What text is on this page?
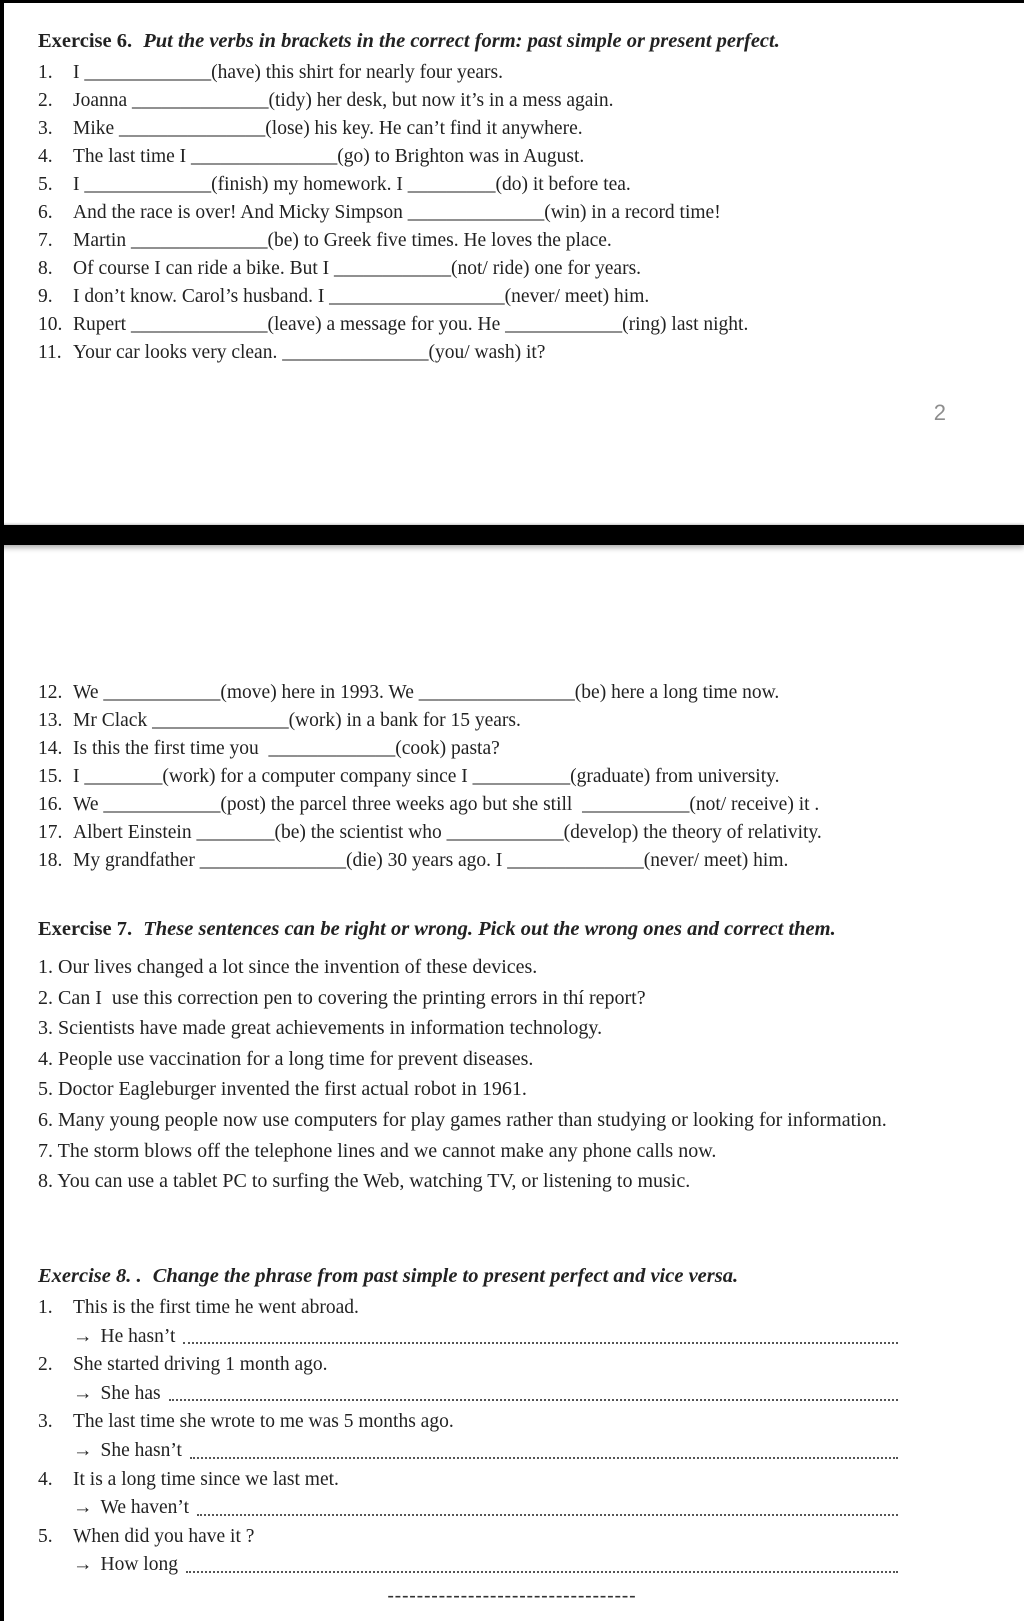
Exercise 6. Put the verbs in brackets in the correct form: past simple or present perfect.
1.	I _____________(have) this shirt for nearly four years.
2.	Joanna ______________(tidy) her desk, but now it’s in a mess again.
3.	Mike _______________(lose) his key. He can’t find it anywhere.
4.	The last time I _______________(go) to Brighton was in August.
5.	I _____________(finish) my homework. I _________(do) it before tea.
6.	And the race is over! And Micky Simpson ______________(win) in a record time!
7.	Martin ______________(be) to Greek five times. He loves the place.
8.	Of course I can ride a bike. But I ____________(not/ ride) one for years.
9.	I don’t know. Carol’s husband. I __________________(never/ meet) him.
10. Rupert ______________(leave) a message for you. He ____________(ring) last night.
11. Your car looks very clean. _______________(you/ wash) it?
2
12. We ____________(move) here in 1993. We ________________(be) here a long time now.
13. Mr Clack ______________(work) in a bank for 15 years.
14. Is this the first time you  _____________(cook) pasta?
15. I ________(work) for a computer company since I __________(graduate) from university.
16. We ____________(post) the parcel three weeks ago but she still  ___________(not/ receive) it .
17. Albert Einstein ________(be) the scientist who ____________(develop) the theory of relativity.
18. My grandfather _______________(die) 30 years ago. I ______________(never/ meet) him.
Exercise 7. These sentences can be right or wrong. Pick out the wrong ones and correct them.
1. Our lives changed a lot since the invention of these devices.
2. Can I  use this correction pen to covering the printing errors in thí report?
3. Scientists have made great achievements in information technology.
4. People use vaccination for a long time for prevent diseases.
5. Doctor Eagleburger invented the first actual robot in 1961.
6. Many young people now use computers for play games rather than studying or looking for information.
7. The storm blows off the telephone lines and we cannot make any phone calls now.
8. You can use a tablet PC to surfing the Web, watching TV, or listening to music.
Exercise 8. . Change the phrase from past simple to present perfect and vice versa.
1.	This is the first time he went abroad.
→ He hasn’t
2.	She started driving 1 month ago.
→ She has
3.	The last time she wrote to me was 5 months ago.
→ She hasn’t
4.	It is a long time since we last met.
→ We haven’t
5.	When did you have it ?
→ How long
----------------------------------
